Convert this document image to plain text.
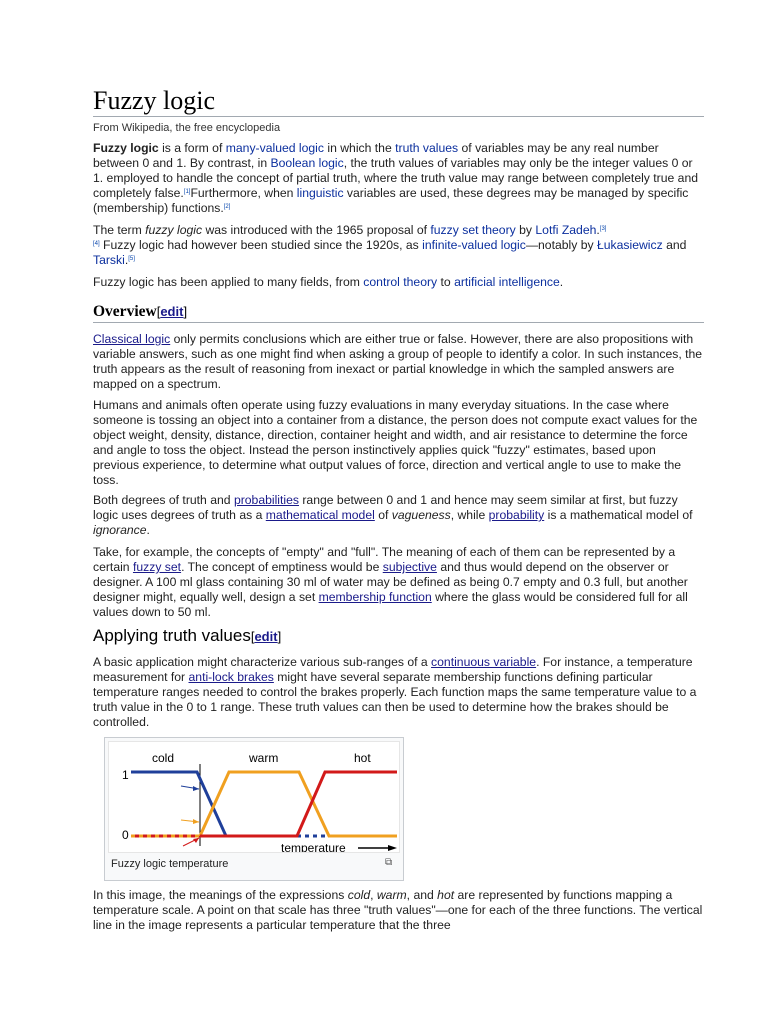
Fuzzy logic
From Wikipedia, the free encyclopedia

Fuzzy logic is a form of many-valued logic in which the truth values of variables may be any real number between 0 and 1. By contrast, in Boolean logic, the truth values of variables may only be the integer values 0 or 1. employed to handle the concept of partial truth, where the truth value may range between completely true and completely false.[1]Furthermore, when linguistic variables are used, these degrees may be managed by specific (membership) functions.[2]

The term fuzzy logic was introduced with the 1965 proposal of fuzzy set theory by Lotfi Zadeh.[3]
[4] Fuzzy logic had however been studied since the 1920s, as infinite-valued logic—notably by Łukasiewicz and Tarski.[5]

Fuzzy logic has been applied to many fields, from control theory to artificial intelligence.

Overview[edit]

Classical logic only permits conclusions which are either true or false. However, there are also propositions with variable answers, such as one might find when asking a group of people to identify a color. In such instances, the truth appears as the result of reasoning from inexact or partial knowledge in which the sampled answers are mapped on a spectrum.

Humans and animals often operate using fuzzy evaluations in many everyday situations. In the case where someone is tossing an object into a container from a distance, the person does not compute exact values for the object weight, density, distance, direction, container height and width, and air resistance to determine the force and angle to toss the object. Instead the person instinctively applies quick "fuzzy" estimates, based upon previous experience, to determine what output values of force, direction and vertical angle to use to make the toss.

Both degrees of truth and probabilities range between 0 and 1 and hence may seem similar at first, but fuzzy logic uses degrees of truth as a mathematical model of vagueness, while probability is a mathematical model of ignorance.

Take, for example, the concepts of "empty" and "full". The meaning of each of them can be represented by a certain fuzzy set. The concept of emptiness would be subjective and thus would depend on the observer or designer. A 100 ml glass containing 30 ml of water may be defined as being 0.7 empty and 0.3 full, but another designer might, equally well, design a set membership function where the glass would be considered full for all values down to 50 ml.

Applying truth values[edit]

A basic application might characterize various sub-ranges of a continuous variable. For instance, a temperature measurement for anti-lock brakes might have several separate membership functions defining particular temperature ranges needed to control the brakes properly. Each function maps the same temperature value to a truth value in the 0 to 1 range. These truth values can then be used to determine how the brakes should be controlled.

cold	warm	hot
1
0
temperature
Fuzzy logic temperature	⧉

In this image, the meanings of the expressions cold, warm, and hot are represented by functions mapping a temperature scale. A point on that scale has three "truth values"—one for each of the three functions. The vertical line in the image represents a particular temperature that the three
